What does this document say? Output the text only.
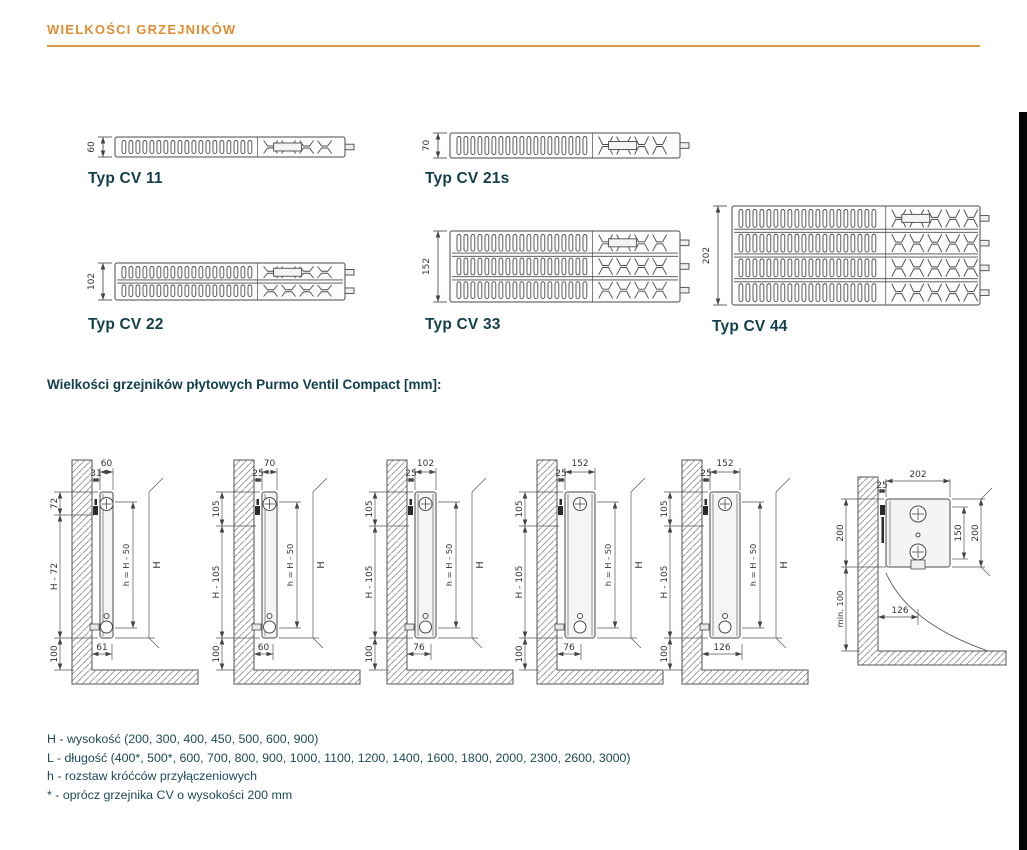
WIELKOŚCI GRZEJNIKÓW
60	70
102
152
202
Typ CV 11	Typ CV 21s
Typ CV 22	Typ CV 33	Typ CV 44
Wielkości grzejników płytowych Purmo Ventil Compact [mm]:
72
H - 72
100
31
60
h = H - 50 H
61
105
H - 105
100
25
70
h = H - 50 H
60
105
H - 105
100
25
102
h = H - 50 H
76
105
H - 105
100
25
152
h = H - 50 H
76
105
H - 105
100
25
152
h = H - 50 H
126
200
min. 100
202
25
150 200
126
H - wysokość (200, 300, 400, 450, 500, 600, 900)
L - długość (400*, 500*, 600, 700, 800, 900, 1000, 1100, 1200, 1400, 1600, 1800, 2000, 2300, 2600, 3000)
h - rozstaw króćców przyłączeniowych
* - oprócz grzejnika CV o wysokości 200 mm
